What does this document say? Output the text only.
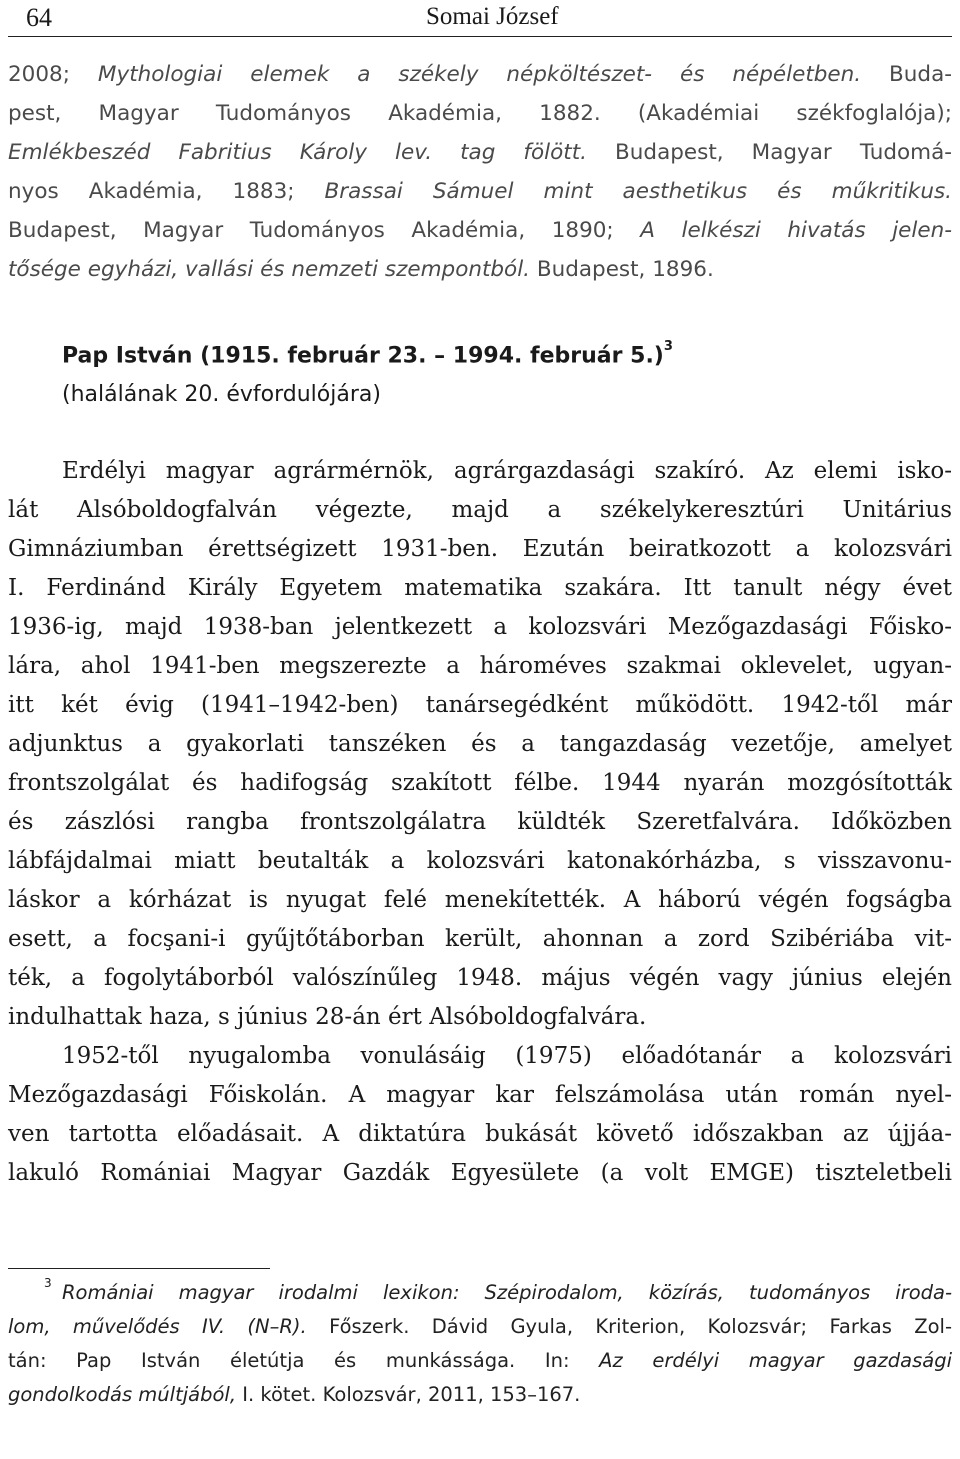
64	Somai József
2008; Mythologiai elemek a székely népköltészet- és népéletben. Buda-
pest, Magyar Tudományos Akadémia, 1882. (Akadémiai székfoglalója);
Emlékbeszéd Fabritius Károly lev. tag fölött. Budapest, Magyar Tudomá-
nyos Akadémia, 1883; Brassai Sámuel mint aesthetikus és műkritikus.
Budapest, Magyar Tudományos Akadémia, 1890; A lelkészi hivatás jelen-
tősége egyházi, vallási és nemzeti szempontból. Budapest, 1896.
Pap István (1915. február 23. – 1994. február 5.)$^3$
(halálának 20. évfordulójára)
Erdélyi magyar agrármérnök, agrárgazdasági szakíró. Az elemi isko-
lát Alsóboldogfalván végezte, majd a székelykeresztúri Unitárius
Gimnáziumban érettségizett 1931-ben. Ezután beiratkozott a kolozsvári
I. Ferdinánd Király Egyetem matematika szakára. Itt tanult négy évet
1936-ig, majd 1938-ban jelentkezett a kolozsvári Mezőgazdasági Főisko-
lára, ahol 1941-ben megszerezte a hároméves szakmai oklevelet, ugyan-
itt két évig (1941–1942-ben) tanársegédként működött. 1942-től már
adjunktus a gyakorlati tanszéken és a tangazdaság vezetője, amelyet
frontszolgálat és hadifogság szakított félbe. 1944 nyarán mozgósították
és zászlósi rangba frontszolgálatra küldték Szeretfalvára. Időközben
lábfájdalmai miatt beutalták a kolozsvári katonakórházba, s visszavonu-
láskor a kórházat is nyugat felé menekítették. A háború végén fogságba
esett, a focşani-i gyűjtőtáborban került, ahonnan a zord Szibériába vit-
ték, a fogolytáborból valószínűleg 1948. május végén vagy június elején
indulhattak haza, s június 28-án ért Alsóboldogfalvára.
1952-től nyugalomba vonulásáig (1975) előadótanár a kolozsvári
Mezőgazdasági Főiskolán. A magyar kar felszámolása után román nyel-
ven tartotta előadásait. A diktatúra bukását követő időszakban az újjáa-
lakuló Romániai Magyar Gazdák Egyesülete (a volt EMGE) tiszteletbeli
3 Romániai magyar irodalmi lexikon: Szépirodalom, közírás, tudományos iroda-
lom, művelődés IV. (N–R). Főszerk. Dávid Gyula, Kriterion, Kolozsvár; Farkas Zol-
tán: Pap István életútja és munkássága. In: Az erdélyi magyar gazdasági
gondolkodás múltjából, I. kötet. Kolozsvár, 2011, 153–167.
